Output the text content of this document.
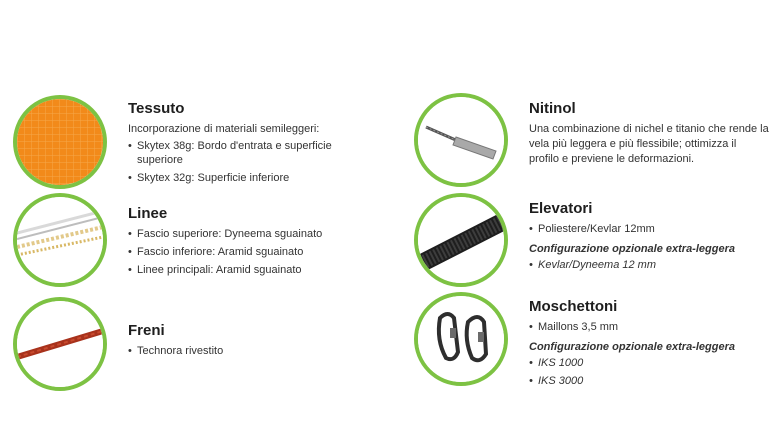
Tessuto

Incorporazione di materiali semileggeri:

• Skytex 38g: Bordo d'entrata e superficie superiore
• Skytex 32g: Superficie inferiore
Linee
• Fascio superiore: Dyneema sguainato
• Fascio inferiore: Aramid sguainato
• Linee principali: Aramid sguainato
Freni
• Technora rivestito
Nitinol

Una combinazione di nichel e titanio che rende la vela più leggera e più flessibile; ottimizza il profilo e previene le deformazioni.

Elevatori
• Poliestere/Kevlar 12mm
Configurazione opzionale extra-leggera
• Kevlar/Dyneema 12 mm
Moschettoni
• Maillons 3,5 mm
Configurazione opzionale extra-leggera
• IKS 1000
• IKS 3000
